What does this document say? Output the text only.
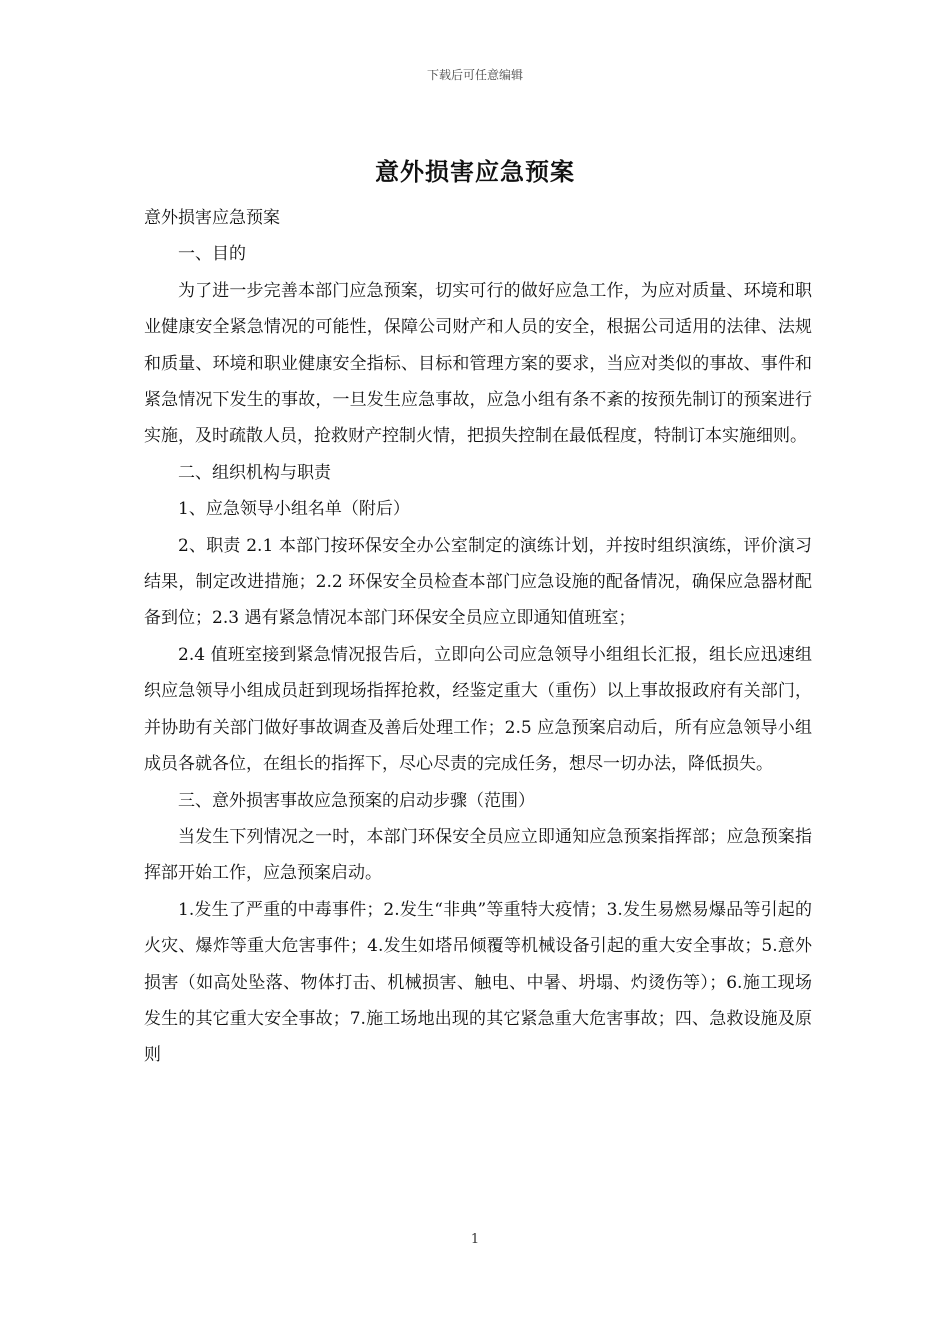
下载后可任意编辑
意外损害应急预案

意外损害应急预案

一、目的

为了进一步完善本部门应急预案，切实可行的做好应急工作，为应对质量、环境和职业健康安全紧急情况的可能性，保障公司财产和人员的安全，根据公司适用的法律、法规和质量、环境和职业健康安全指标、目标和管理方案的要求，当应对类似的事故、事件和紧急情况下发生的事故，一旦发生应急事故，应急小组有条不紊的按预先制订的预案进行实施，及时疏散人员，抢救财产控制火情，把损失控制在最低程度，特制订本实施细则。

二、组织机构与职责

1、应急领导小组名单（附后）

2、职责 2.1 本部门按环保安全办公室制定的演练计划，并按时组织演练，评价演习结果，制定改进措施；2.2 环保安全员检查本部门应急设施的配备情况，确保应急器材配备到位；2.3 遇有紧急情况本部门环保安全员应立即通知值班室；

2.4 值班室接到紧急情况报告后，立即向公司应急领导小组组长汇报，组长应迅速组织应急领导小组成员赶到现场指挥抢救，经鉴定重大（重伤）以上事故报政府有关部门，并协助有关部门做好事故调查及善后处理工作；2.5 应急预案启动后，所有应急领导小组成员各就各位，在组长的指挥下，尽心尽责的完成任务，想尽一切办法，降低损失。

三、意外损害事故应急预案的启动步骤（范围）

当发生下列情况之一时，本部门环保安全员应立即通知应急预案指挥部；应急预案指挥部开始工作，应急预案启动。

1.发生了严重的中毒事件；2.发生“非典”等重特大疫情；3.发生易燃易爆品等引起的火灾、爆炸等重大危害事件；4.发生如塔吊倾覆等机械设备引起的重大安全事故；5.意外损害（如高处坠落、物体打击、机械损害、触电、中暑、坍塌、灼烫伤等）；6.施工现场发生的其它重大安全事故；7.施工场地出现的其它紧急重大危害事故；四、急救设施及原则

1
